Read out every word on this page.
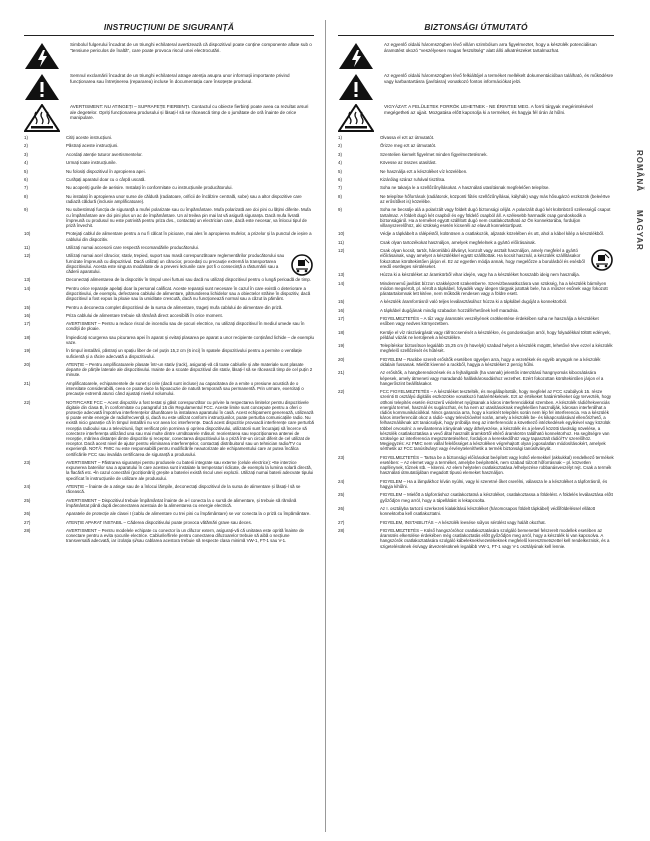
INSTRUCȚIUNI DE SIGURANȚĂ
Simbolul fulgerului încadrat de un triunghi echilateral avertizează că dispozitivul poate conține componente aflate sub o "tensiune periculos de înaltă", care poate provoca riscul unei electrocutări.
Semnul exclamării încadrat de un triunghi echilateral atrage atenția asupra unor informații importante privind funcționarea sau întreținerea (repararea) incluse în documentația care însoțește produsul.
AVERTISMENT: NU ATINGEȚI – SUPRAFEȚE FIERBINȚI. Contactul cu obiecte fierbinți poate avea ca rezultat arsuri ale degetelor. Opriți funcționarea produsului și lăsați-l să se răcească timp de o jumătate de oră înainte de orice manipulare.
1)	Citiți aceste instrucțiuni.
2)	Păstrați aceste instrucțiuni.
3)	Acordați atenție tuturor avertismentelor.
4)	Urmați toate instrucțiunile.
5)	Nu folosiți dispozitivul în apropierea apei.
6)	Curățați aparatul doar cu o cârpă uscată.
7)	Nu acoperiți gurile de aerisire. Instalați în conformitate cu instrucțiunile producătorului.
8)	Nu instalați în apropierea unor surse de căldură (radiatoare, orificii de încălzire centrală, sobe) sau a altor dispozitive care radiază căldură (inclusiv amplificatoare).
9)	Nu subestimați funcția de siguranță a mufei polarizate sau cu împământare. Mufa polarizată are doi pini cu lățimi diferite. Mufa cu împământare are doi pini plus un ac de împământare. Un al treilea pin mai lat vă asigură siguranța. Dacă mufa livrată împreună cu produsul nu este potrivită pentru priza dvs., contactați un electrician care, dacă este necesar, va înlocui tipul de priză învechit.
10)	Protejați cablul de alimentare pentru a nu fi călcat în picioare, mai ales în apropierea mufelor, a prizelor și la punctul de ieșire a cablului din dispozitiv.
11)	Utilizați numai accesorii care respectă recomandările producătorului.
12)	Utilizați numai acel cărucior, stativ, trepied, suport sau masă corespunzătoare reglementărilor producătorului sau furnizate împreună cu dispozitivul. Dacă utilizați un cărucior, procedați cu precauție extremă la transportarea dispozitivului. Acesta este singura modalitate de a preveni leziunile care pot fi o consecință a răsturnării sau a căderii aparatului.
13)	Deconectați alimentarea de la dispozitiv în timpul unei furtuni sau dacă nu utilizați dispozitivul pentru o lungă perioadă de timp.
14)	Pentru orice reparație apelați doar la personal calificat. Aceste reparații sunt necesare în cazul în care există o deteriorare a dispozitivului, de exemplu, defectarea cablului de alimentare, pătrunderea lichidelor sau a obiectelor străine în dispozitiv, dacă dispozitivul a fost expus la ploaie sau la umiditate crescută, dacă nu funcționează normal sau a căzut la pământ.
15)	Pentru a deconecta complet dispozitivul de la sursa de alimentare, trageți mufa cablului de alimentare din priză.
16)	Priza cablului de alimentare trebuie să rămână direct accesibilă în orice moment.
17)	AVERTISMENT – Pentru a reduce riscul de incendiu sau de șocuri electrice, nu utilizați dispozitivul în mediul umede sau în condiții de ploaie.
18)	Împiedicați scurgerea sau picurarea apei în aparat și evitați plasarea pe aparat a unor recipiente conținând lichide – de exemplu vaze.
19)	În timpul instalării, păstrați un spațiu liber de cel puțin 15,2 cm (6 inci) în spatele dispozitivului pentru a permite o ventilație suficientă și a răcire adecvată a dispozitivului.
20)	ATENȚIE – Pentru amplificatoarele plasate într-un stativ (rack), asigurați-vă că toate cablurile și alte materiale sunt plasate departe de părțile laterale ale dispozitivului. Inainte de a scoate dispozitivul din stativ, lăsați-l să se răcească timp de cel puțin 2 minute.
21)	Amplificatoarele, echipamentele de sunet și cele (dacă sunt incluse) au capacitatea de a emite o presiune acustică de o intensitate considerabilă, ceea ce poate duce la hipoacuzie de natură temporară sau permanentă. Prin urmare, exercitați o precauție extremă atunci când ajustați nivelul volumului.
22)	NOTIFICARE FCC – Acest dispozitiv a fost testat și găsit corespunzător cu privire la respectarea limitelor pentru dispozitivele digitale din clasa B, în conformitate cu paragraful 15 din Regulamentul FCC. Aceste limite sunt concepute pentru a oferi o protecție adecvată împotriva interferențelor dăunătoare la instalarea aparatului în casă. Acest echipament generează, utilizează și poate emite energie de radiofrecvență și, dacă nu este utilizat conform instrucțiunilor, poate perturba comunicațiile radio. Nu există nicio garanție că în timpul instalării nu vor avea loc interferențe. Dacă acest dispozitiv provoacă interferențe care perturbă recepția radioului sau a televiziunii, fapt verificat prin pornirea și oprirea dispozitivului, utilizatorii sunt încurajați să încerce să corecteze interferența utilizând una sau mai multe dintre următoarele măsuri: reorientarea sau repoziționarea antenei de recepție, mărirea distanței dintre dispozitiv și receptor, conectarea dispozitivului la o priză într-un circuit diferit de cel utilizat de receptor. Dacă acest nivel de ajutor pentru eliminarea interferențelor, contactați distribuitorul sau un tehnician radio/TV cu experiență. NOTĂ: FMIC nu este responsabilă pentru modificările neautorizate ale echipamentului care ar putea încălca certificările FCC sau invalida certificarea de siguranță a produsului.
23)	AVERTISMENT – Păstrarea siguranței pentru produsele cu baterii integrate sau externe (celule electrice): •Se interzice expunerea bateriilor sau a aparatului în care acestea sunt instalate la temperaturi ridicate, de exemplu la lumina solară directă, la flacără etc. •În cazul conectării (poziționării) greșite a bateriei există riscul unei explozii. Utilizați numai baterii adecvate tipului specificat în instrucțiunile de utilizare ale produsului.
24)	ATENȚIE – Înainte de a atinge sau de a înlocui lămpile, deconectați dispozitivul de la sursa de alimentare și lăsați-l să se răcească.
25)	AVERTISMENT – Dispozitivul trebuie împământat înainte de a-l conecta la o sursă de alimentare, și trebuie să rămână împământat până după deconectarea acestuia de la alimentarea cu energie electrică.
26)	Aparatele de protecție ale clasei I (cablu de alimentare cu trei pini cu împământare) se vor conecta la o priză cu împământare.
27)	ATENȚIE APARAT INSTABIL – Căderea dispozitivului poate provoca vătămări grave sau deces.
28)	AVERTISMENT – Pentru modelele echipate cu conector la un difuzor extern, asigurați-vă că unitatea este oprită înainte de conectare pentru a evita șocurile electrice. Cablurile/firele pentru conectarea difuzoarelor trebuie să aibă o secțiune transversală adecvată, iar izolația și/sau cablarea acestora trebuie să respecte clasa minimă VW-1, FT-1 sau V-1.
BIZTONSÁGI ÚTMUTATÓ
Az egyenlő oldalú háromszögben lévő villám szimbólum arra figyelmeztet, hogy a készülék potenciálisan áramütést okozó "veszélyesen magas feszültség" alatt álló alkatrészeket tartalmazhat.
Az egyenlő oldalú háromszögben lévő felkiáltójel a terméket mellékelt dokumentációban található, és működésre vagy karbantartásra (javításra) vonatkozó fontos információkat jelzi.
VIGYÁZAT: A FELÜLETEK FORRÓK LEHETNEK - NE ÉRINTSE MEG. A forró tárgyak megérintésével megégetheti az ujjait. Mozgatása előtt kapcsolja ki a terméket, és hagyja fél órán át hűlni.
1)	Olvassa el ezt az útmutatót.
2)	Őrizze meg ezt az útmutatót.
3)	Szentelien kiemelt figyelmet minden figyelmeztetésnek.
4)	Kövesse az összes utasítást.
5)	Ne használja ezt a készüléket víz közelében.
6)	Kizárólag száraz ruhával tisztítsa.
7)	Soha ne takarja le a szellőzőnyílásokat. A használati utasításnak megfelelően telepítse.
8)	Ne telepítse hőforrások (radiátorok, központi fűtés szellőzőnyílásai, kályhák) vagy más hősugárzó eszközök (beleértve az erősítőket is) közelébe.
9)	Soha ne becsülje alá a polarizált vagy földelt dugó biztonsági célját. A polarizált dugó két különböző szélességű csapot tartalmaz. A földelt dugó két csapból és egy földelő csapból áll. A szélesebb harmadik csap gondoskodik a biztonságáról. Ha a terméket együtt szállított dugó nem csatlakoztatható az Ön konnektorába, forduljon villanyszerelőhöz, aki szükség esetén kicseréli az elavult konnektortípust.
10)	Védje a tápkábelt a rálépéstől, különösen a csatlakozók, aljzatok közelében és ott, ahol a kábel kilép a készülékből.
11)	Csak olyan tartozékokat használjon, amelyek megfelelnek a gyártó előírásainak.
12)	Csak olyan kocsit, tartót, háromlábú állványt, konzolt vagy asztalt használjon, amely megfelel a gyártó előírásainak, vagy amelyet a készülékkel együtt szállítottak. Ha kocsit használ, a készülék szállításakor fokozottan körültekintően járjon el. Ez az egyetlen módja annak, hogy megelőzze a borulásból és esésből eredő esetleges sérüléseket.
13)	Húzza ki a készüléket az áramkörből vihar idején, vagy ha a készüléket hosszabb ideig nem használja.
14)	Mindennemű javítást bízzon szakképzett szakemberre. Szervizbeavatkozásra van szükség, ha a készülék bármilyen módon megsérült, pl. sérült a tápkábel, folyadék vagy idegen tárgyak jutottak bele, ha a műszer esőnek vagy fokozott páratartalomnak lett kitéve, nem működik rendesen vagy a földre esett.
15)	A készülék áramforrásról való teljes leválasztásához húzza ki a tápkábel dugóját a konnektorból.
16)	A tápkábel dugójának mindig szabadon hozzáférhetőnek kell maradnia.
17)	FIGYELMEZTETÉS – A tűz vagy áramütés veszélyének csökkentése érdekében soha ne használja a készüléket esőben vagy nedves környezetben.
18)	Kerülje el víz rászivárgását vagy ráfröccsenését a készülékre, és gondoskodjon arról, hogy folyadékkal töltött edények, például vázák ne kerüljenek a készülékre.
19)	Telepítéskor biztosítson legalább 15,25 cm (6 hüvelyk) szabad helyet a készülék mögött, lehetővé téve ezzel a készülék megfelelő szellőzését és hűtését.
20)	FIGYELEM – Rackbe szerelt erősítők esetében ügyeljen arra, hogy a vezetékek és egyéb anyagok ne a készülék oldalain fussanak. Mielőtt kivenné a rackből, hagyja a készüléket 2 percig hűlni.
21)	Az erősítők, a hangberendezések és a fejhallgatók (ha vannak) jelentős intenzitású hangnyomás kibocsátására képesek, amely átmeneti vagy maradandó halláskárosodáshoz vezethet. Ezért fokozottan körültekintően járjon el a hangerőszint beállításakor.
22)	FCC FIGYELMEZTETÉS – A készüléket tesztelték, és megállapították, hogy megfelel az FCC szabályok 15. része szerinti B osztályú digitális eszközökre vonatkozó határértékeknek. Ezt az értékeket határértékeket úgy tervezték, hogy otthoni telepítés esetén észszerű védelmet nyújtsanak a káros interferenciákkal szemben. A készülék rádiófrekvenciás energiát termel, használ és sugározhat, és ha nem az utasításoknak megfelelően használják, károsan interferálhat a rádiós kommunikációkkal. Nincs garancia arra, hogy a konkrét telepítés során nem lép fel interferencia. Ha a készülék káros interferenciát okoz a rádió- vagy televízióvétel során, amely a készülék be- és kikapcsolásával ellenőrizhető, a felhasználóknak azt tanácsoljuk, hogy próbálja meg az interferenciát a következő intézkedések egyikével vagy közülük többel orvosolni: a vevőantenna irányának vagy áthelyezése, a készülék és a jelvevő közötti távolság növelése, a készülék csatlakoztatása a vevő által használt áramkörtől eltérő áramkörön található konnektorhoz. Ha segítségre van szüksége az interferencia megszüntetéséhez, forduljon a kereskedőhöz vagy tapasztalt rádió/TV szerelőhöz. Megjegyzés: Az FMIC nem vállal felelősséget a készüléken végrehajtott olyan jogosulatlan módosításokért, amelyek sérthetik az FCC tanúsítványt vagy érvényteleníthetik a termék biztonsági tanúsítványát.
23)	FIGYELMEZTETÉS – Tartsa be a biztonsági előírásokat beépített vagy külső elemekkel (akkukkal) rendelkező termékek esetében: – Az elemet vagy a terméket, amelybe beépítették, nem szabad túlzott hőforrásnak – pl. közvetlen napfénynek, tűznek stb. – kitenni. Az elem helytelen csatlakoztatása /elhelyezése robbanásveszélyt rejt. Csak a termék használati útmutatójában megadott típusú elemeket használjon.
24)	FIGYELEM – Ha a lámpákhoz kíván nyúlni, vagy ki szeretné őket cserélni, válassza le a készüléket a tápforrásról, és hagyja kihűlni.
25)	FIGYELEM – Mielőtt a tápforráshoz csatlakoztatná a készüléket, csatlakoztassa a földelést. A földelés leválasztása előtt győződjön meg arról, hogy a tápellátást is lekapcsolta.
26)	Az I. osztályba tartozó szerkezeti kialakítású készüléket (háromcsapos földelt tápkábel) védőföldeléssel ellátott konnektorba kell csatlakoztatni.
27)	FIGYELEM, INSTABILITÁS – A készülék leesése súlyos sérülést vagy halált okozhat.
28)	FIGYELMEZTETÉS – Külső hangszóróhoz csatlakoztatására szolgáló bemenettel felszerelt modellek esetében az áramütés elkerülése érdekében még csatlakoztatás előtt győződjön meg arról, hogy a készülék ki van kapcsolva. A hangszórók csatlakoztatására szolgáló kábeleknek/vezetékeknek megfelelő keresztmetszettel kell rendelkezniük, és a szigetelésüknek és/vagy átvezetésüknek legalább VW-1, FT-1 vagy V-1 osztályúnak kell lennie.
ROMÂNĂ
MAGYAR
